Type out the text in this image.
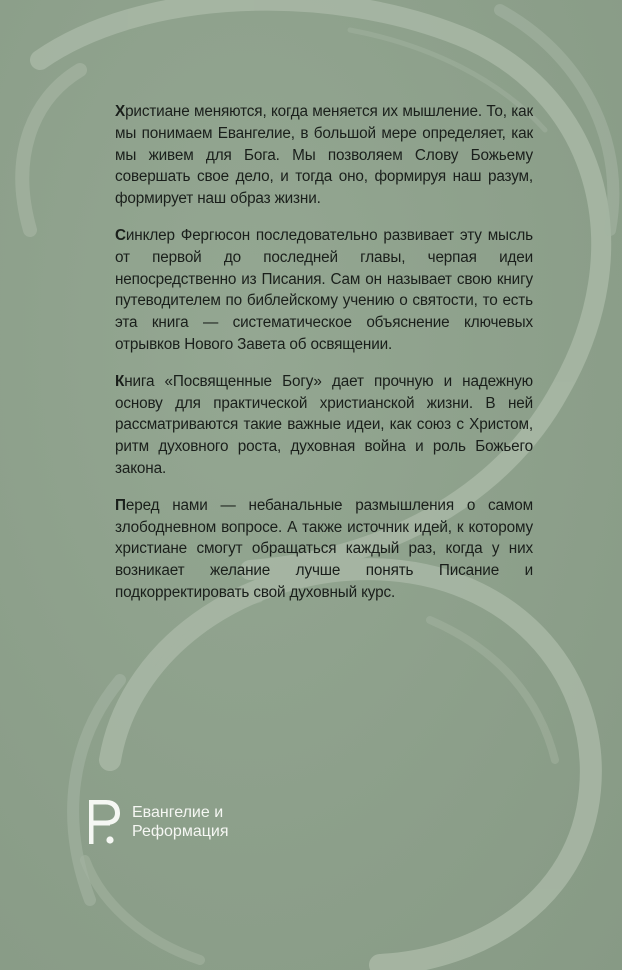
Христиане меняются, когда меняется их мышление. То, как мы понимаем Евангелие, в большой мере определяет, как мы живем для Бога. Мы позволяем Слову Божьему совершать свое дело, и тогда оно, формируя наш разум, формирует наш образ жизни.

Синклер Фергюсон последовательно развивает эту мысль от первой до последней главы, черпая идеи непосредственно из Писания. Сам он называет свою книгу путеводителем по библейскому учению о святости, то есть эта книга — систематическое объяснение ключевых отрывков Нового Завета об освящении.

Книга «Посвященные Богу» дает прочную и надежную основу для практической христианской жизни. В ней рассматриваются такие важные идеи, как союз с Христом, ритм духовного роста, духовная война и роль Божьего закона.

Перед нами — небанальные размышления о самом злободневном вопросе. А также источник идей, к которому христиане смогут обращаться каждый раз, когда у них возникает желание лучше понять Писание и подкорректировать свой духовный курс.

Евангелие и
Реформация
